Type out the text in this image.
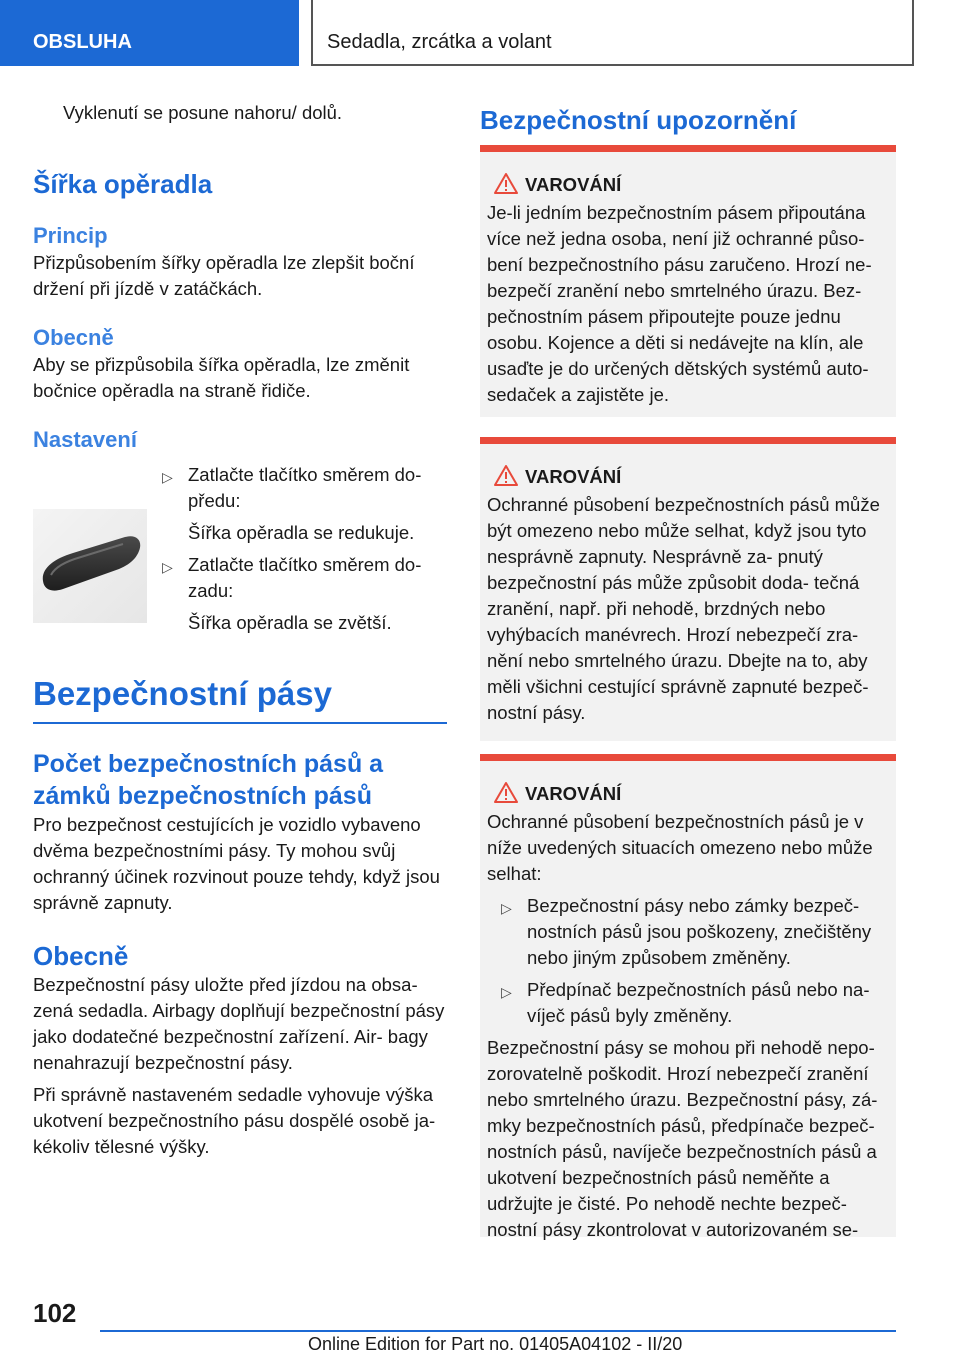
OBSLUHA	Sedadla, zrcátka a volant

Vyklenutí se posune nahoru/ dolů.

Šířka opěradla
Princip

Přizpůsobením šířky opěradla lze zlepšit boční držení při jízdě v zatáčkách.

Obecně

Aby se přizpůsobila šířka opěradla, lze změnit bočnice opěradla na straně řidiče.

Nastavení

▷ Zatlačte tlačítko směrem do- předu:

Šířka opěradla se redukuje.

▷ Zatlačte tlačítko směrem do- zadu:

Šířka opěradla se zvětší.

Bezpečnostní pásy
Počet bezpečnostních pásů a zámků bezpečnostních pásů

Pro bezpečnost cestujících je vozidlo vybaveno dvěma bezpečnostními pásy. Ty mohou svůj ochranný účinek rozvinout pouze tehdy, když jsou správně zapnuty.

Obecně

Bezpečnostní pásy uložte před jízdou na obsa- zená sedadla. Airbagy doplňují bezpečnostní pásy jako dodatečné bezpečnostní zařízení. Air- bagy nenahrazují bezpečnostní pásy.

Při správně nastaveném sedadle vyhovuje výška ukotvení bezpečnostního pásu dospělé osobě ja- kékoliv tělesné výšky.

Bezpečnostní upozornění
VAROVÁNÍ

Je-li jedním bezpečnostním pásem připoutána více než jedna osoba, není již ochranné půso- bení bezpečnostního pásu zaručeno. Hrozí ne- bezpečí zranění nebo smrtelného úrazu. Bez- pečnostním pásem připoutejte pouze jednu osobu. Kojence a děti si nedávejte na klín, ale usaďte je do určených dětských systémů auto- sedaček a zajistěte je.

VAROVÁNÍ

Ochranné působení bezpečnostních pásů může být omezeno nebo může selhat, když jsou tyto nesprávně zapnuty. Nesprávně za- pnutý bezpečnostní pás může způsobit doda- tečná zranění, např. při nehodě, brzdných nebo vyhýbacích manévrech. Hrozí nebezpečí zra- nění nebo smrtelného úrazu. Dbejte na to, aby měli všichni cestující správně zapnuté bezpeč- nostní pásy.

VAROVÁNÍ

Ochranné působení bezpečnostních pásů je v níže uvedených situacích omezeno nebo může selhat:

▷ Bezpečnostní pásy nebo zámky bezpeč- nostních pásů jsou poškozeny, znečištěny nebo jiným způsobem změněny.

▷ Předpínač bezpečnostních pásů nebo na- víječ pásů byly změněny.

Bezpečnostní pásy se mohou při nehodě nepo- zorovatelně poškodit. Hrozí nebezpečí zranění nebo smrtelného úrazu. Bezpečnostní pásy, zá- mky bezpečnostních pásů, předpínače bezpeč- nostních pásů, navíječe bezpečnostních pásů a ukotvení bezpečnostních pásů neměňte a udržujte je čisté. Po nehodě nechte bezpeč- nostní pásy zkontrolovat v autorizovaném se-

102
Online Edition for Part no. 01405A04102 - II/20
